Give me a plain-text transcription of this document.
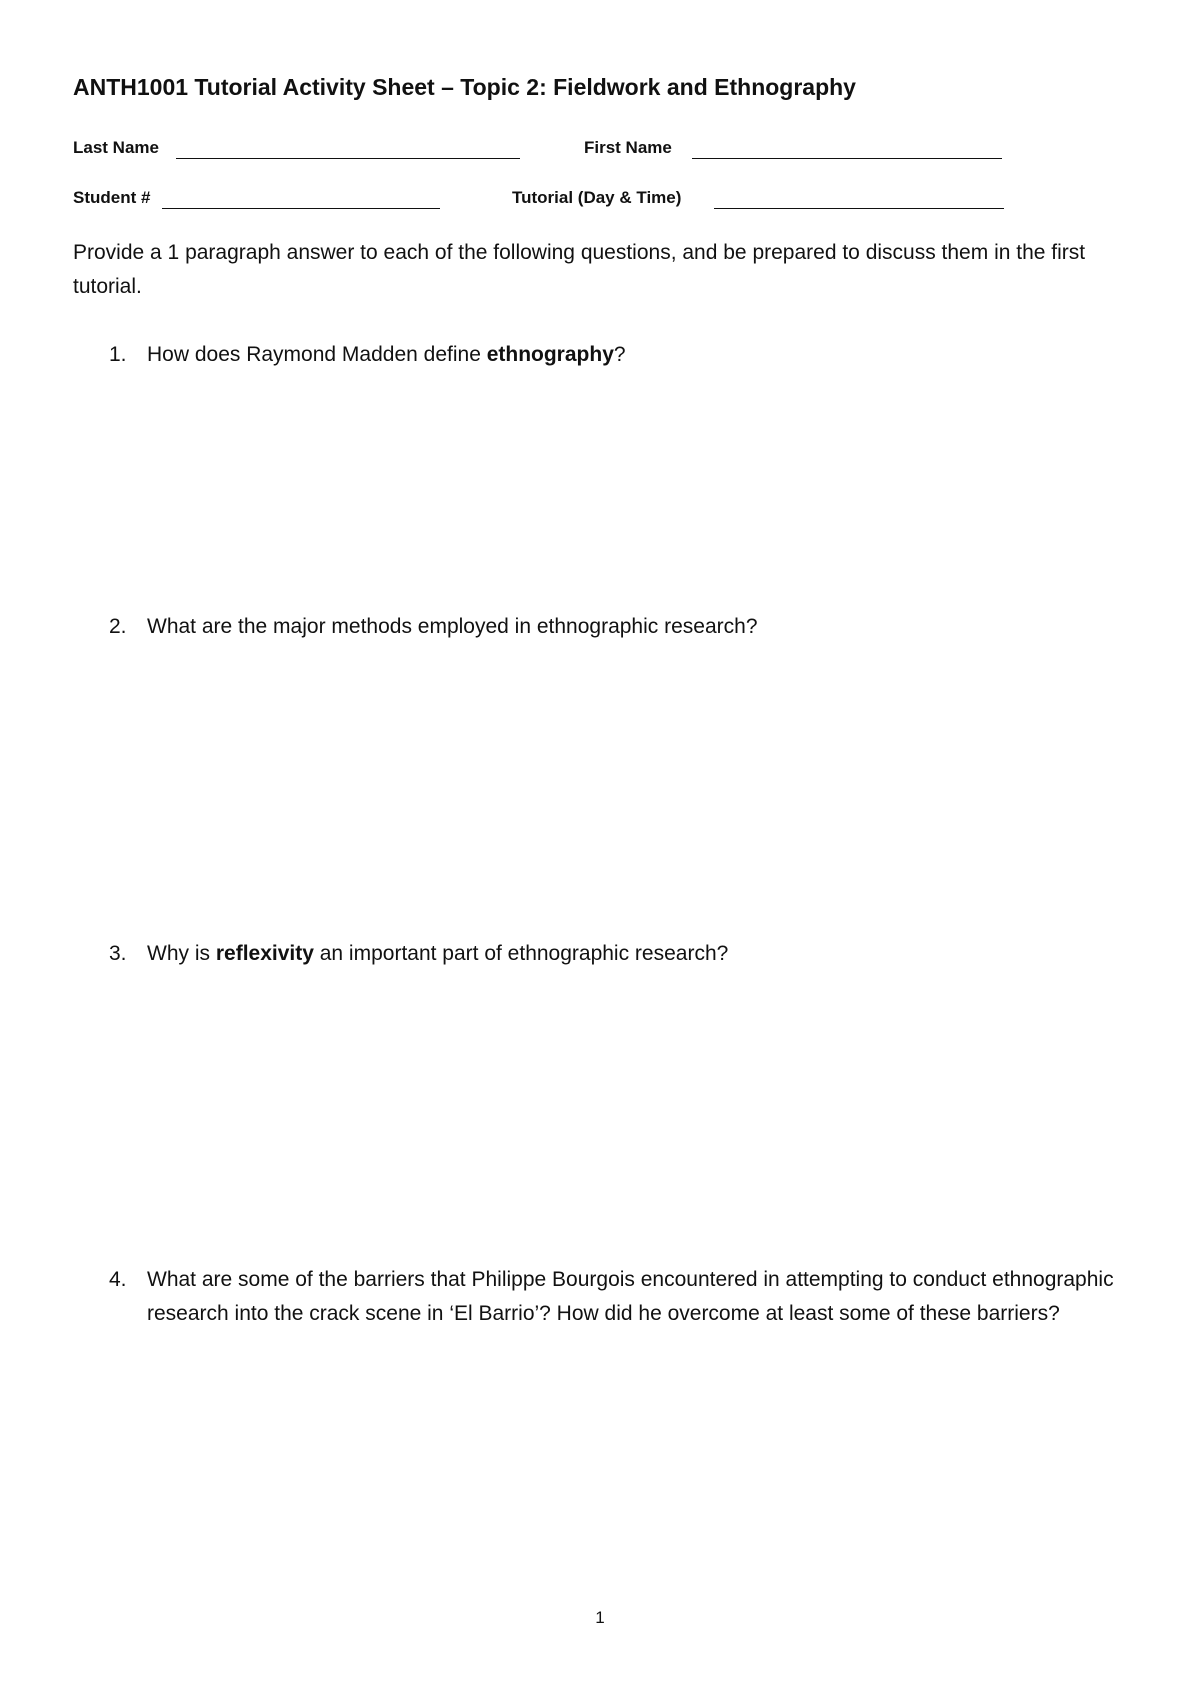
ANTH1001 Tutorial Activity Sheet – Topic 2: Fieldwork and Ethnography
Last Name	First Name
Student #	Tutorial (Day & Time)
Provide a 1 paragraph answer to each of the following questions, and be prepared to discuss them in the first tutorial.
1. How does Raymond Madden define ethnography?
2. What are the major methods employed in ethnographic research?
3. Why is reflexivity an important part of ethnographic research?
4. What are some of the barriers that Philippe Bourgois encountered in attempting to conduct ethnographic research into the crack scene in ‘El Barrio’? How did he overcome at least some of these barriers?
1
